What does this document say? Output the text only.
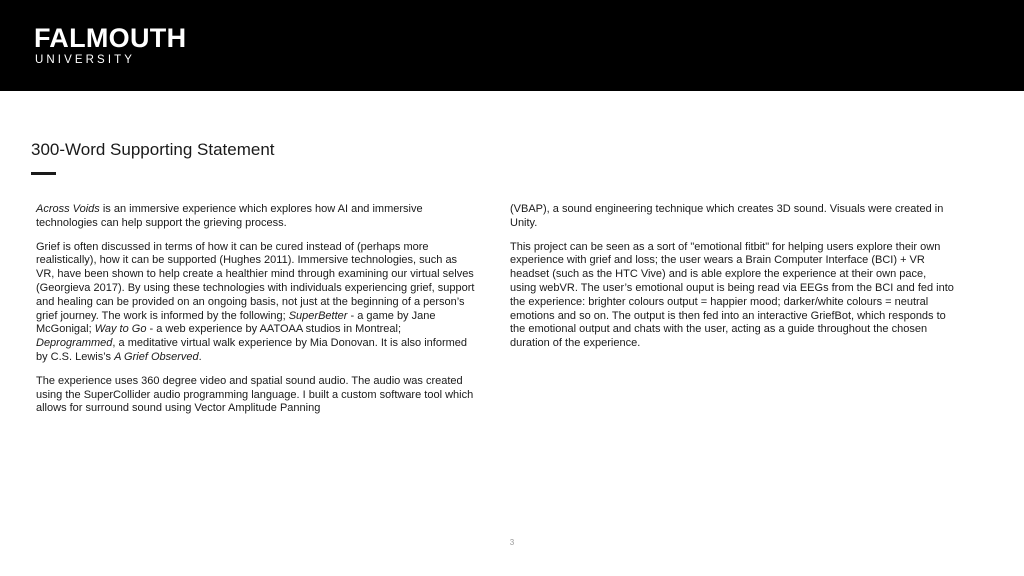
FALMOUTH
UNIVERSITY
300-Word Supporting Statement

Across Voids is an immersive experience which explores how AI and immersive technologies can help support the grieving process.

Grief is often discussed in terms of how it can be cured instead of (perhaps more realistically), how it can be supported (Hughes 2011). Immersive technologies, such as VR, have been shown to help create a healthier mind through examining our virtual selves (Georgieva 2017). By using these technologies with individuals experiencing grief, support and healing can be provided on an ongoing basis, not just at the beginning of a person’s grief journey. The work is informed by the following; SuperBetter - a game by Jane McGonigal; Way to Go - a web experience by AATOAA studios in Montreal; Deprogrammed, a meditative virtual walk experience by Mia Donovan. It is also informed by C.S. Lewis’s A Grief Observed.

The experience uses 360 degree video and spatial sound audio. The audio was created using the SuperCollider audio programming language. I built a custom software tool which allows for surround sound using Vector Amplitude Panning

(VBAP), a sound engineering technique which creates 3D sound. Visuals were created in Unity.

This project can be seen as a sort of "emotional fitbit" for helping users explore their own experience with grief and loss; the user wears a Brain Computer Interface (BCI) + VR headset (such as the HTC Vive) and is able explore the experience at their own pace, using webVR. The user’s emotional ouput is being read via EEGs from the BCI and fed into the experience: brighter colours output = happier mood; darker/white colours = neutral emotions and so on. The output is then fed into an interactive GriefBot, which responds to the emotional output and chats with the user, acting as a guide throughout the chosen duration of the experience.

3
